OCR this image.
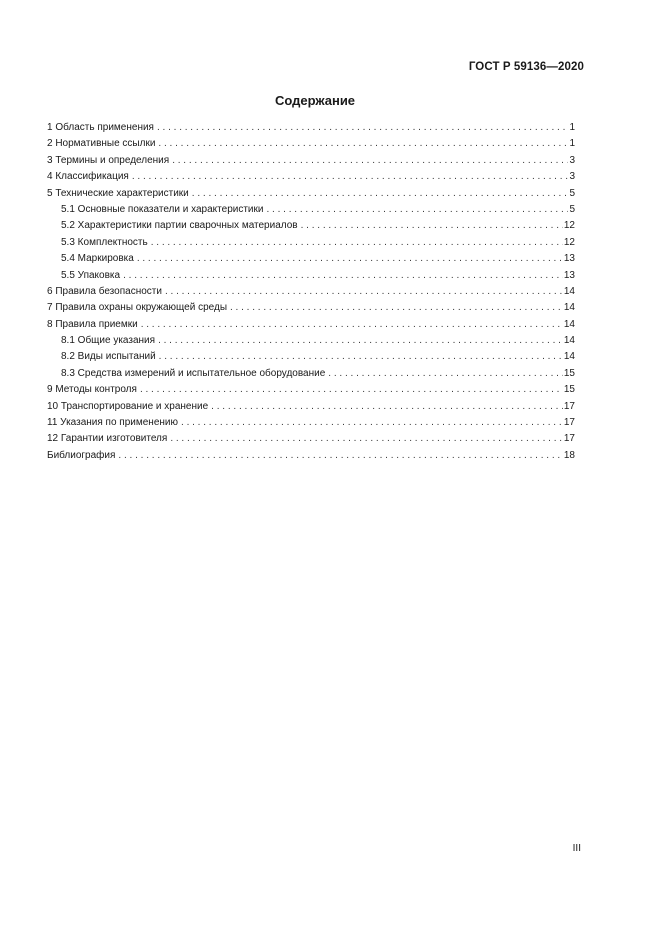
ГОСТ Р 59136—2020
Содержание
1 Область применения . . .	1
2 Нормативные ссылки . . .	1
3 Термины и определения . . .	3
4 Классификация . . .	3
5 Технические характеристики . . .	5
5.1 Основные показатели и характеристики . . .	5
5.2 Характеристики партии сварочных материалов . . .	12
5.3 Комплектность . . .	12
5.4 Маркировка . . .	13
5.5 Упаковка . . .	13
6 Правила безопасности . . .	14
7 Правила охраны окружающей среды . . .	14
8 Правила приемки . . .	14
8.1 Общие указания . . .	14
8.2 Виды испытаний . . .	14
8.3 Средства измерений и испытательное оборудование . . .	15
9 Методы контроля . . .	15
10 Транспортирование и хранение . . .	17
11 Указания по применению . . .	17
12 Гарантии изготовителя . . .	17
Библиография . . .	18
III
